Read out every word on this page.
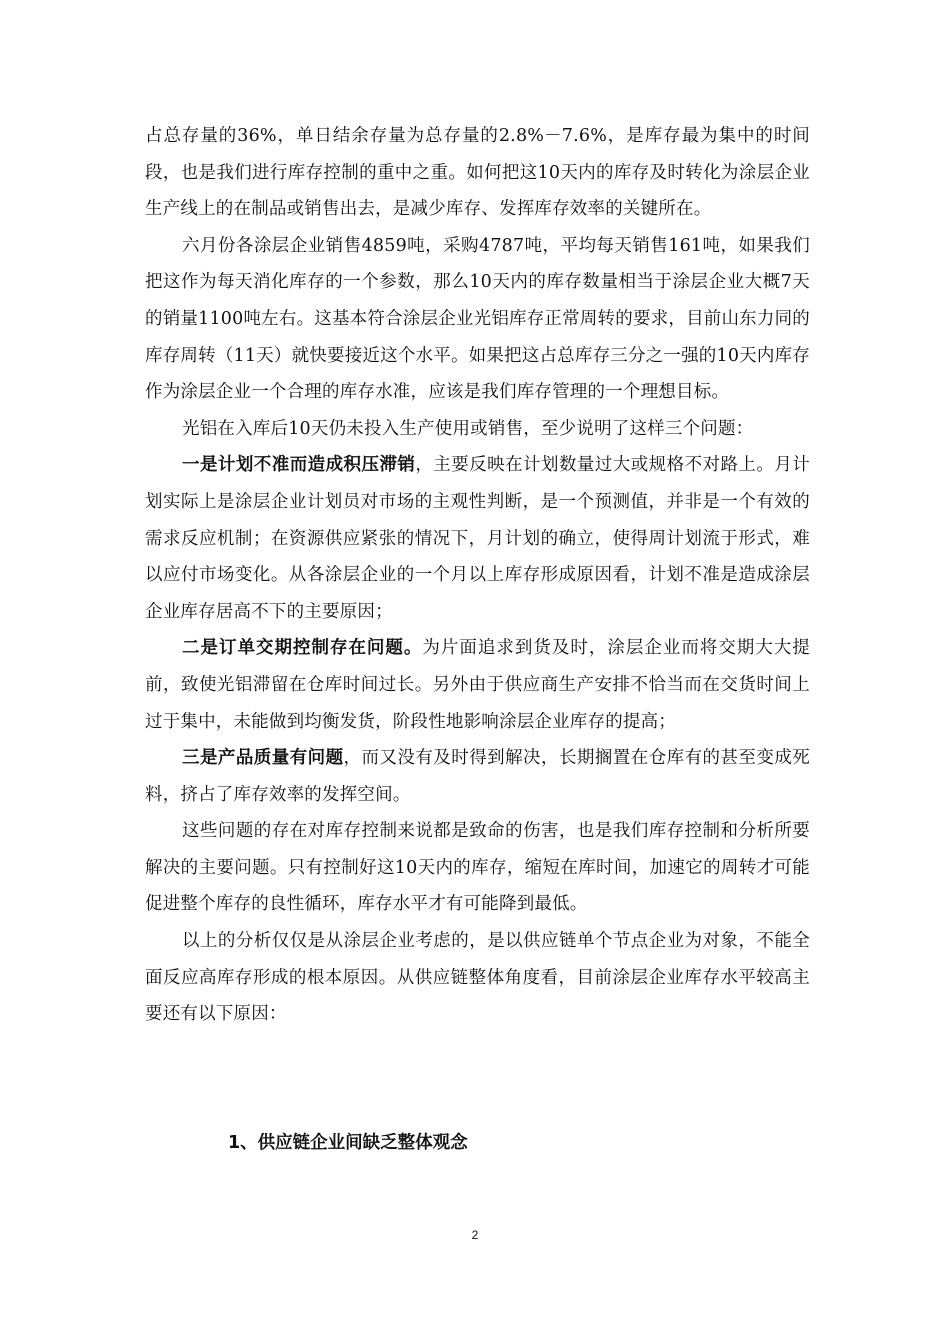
占总存量的36%，单日结余存量为总存量的2.8%－7.6%，是库存最为集中的时间段，也是我们进行库存控制的重中之重。如何把这10天内的库存及时转化为涂层企业生产线上的在制品或销售出去，是减少库存、发挥库存效率的关键所在。

六月份各涂层企业销售4859吨，采购4787吨，平均每天销售161吨，如果我们把这作为每天消化库存的一个参数，那么10天内的库存数量相当于涂层企业大概7天的销量1100吨左右。这基本符合涂层企业光铝库存正常周转的要求，目前山东力同的库存周转（11天）就快要接近这个水平。如果把这占总库存三分之一强的10天内库存作为涂层企业一个合理的库存水准，应该是我们库存管理的一个理想目标。

光铝在入库后10天仍未投入生产使用或销售，至少说明了这样三个问题：

一是计划不准而造成积压滞销，主要反映在计划数量过大或规格不对路上。月计划实际上是涂层企业计划员对市场的主观性判断，是一个预测值，并非是一个有效的需求反应机制；在资源供应紧张的情况下，月计划的确立，使得周计划流于形式，难以应付市场变化。从各涂层企业的一个月以上库存形成原因看，计划不准是造成涂层企业库存居高不下的主要原因；

二是订单交期控制存在问题。为片面追求到货及时，涂层企业而将交期大大提前，致使光铝滞留在仓库时间过长。另外由于供应商生产安排不恰当而在交货时间上过于集中，未能做到均衡发货，阶段性地影响涂层企业库存的提高；

三是产品质量有问题，而又没有及时得到解决，长期搁置在仓库有的甚至变成死料，挤占了库存效率的发挥空间。

这些问题的存在对库存控制来说都是致命的伤害，也是我们库存控制和分析所要解决的主要问题。只有控制好这10天内的库存，缩短在库时间，加速它的周转才可能促进整个库存的良性循环，库存水平才有可能降到最低。

以上的分析仅仅是从涂层企业考虑的，是以供应链单个节点企业为对象，不能全面反应高库存形成的根本原因。从供应链整体角度看，目前涂层企业库存水平较高主要还有以下原因：

1、供应链企业间缺乏整体观念
2
